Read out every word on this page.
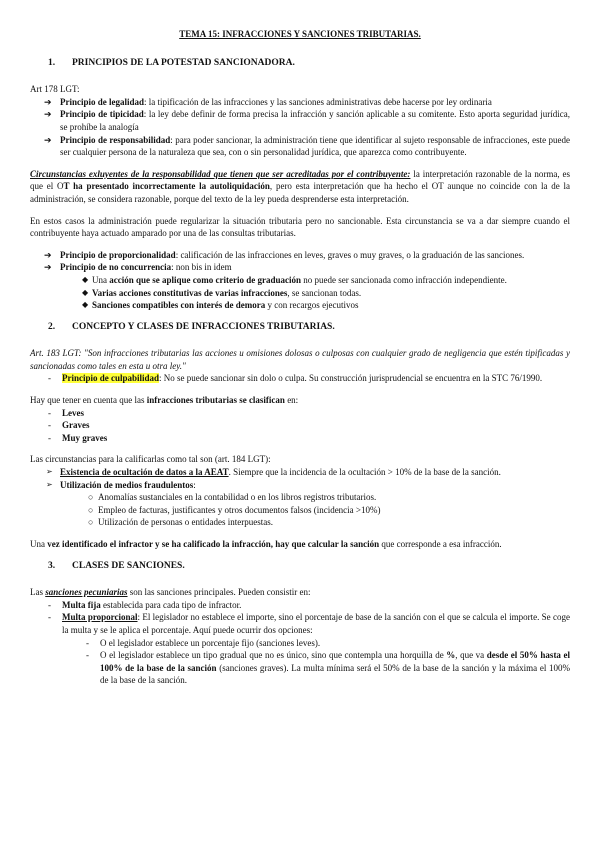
TEMA 15: INFRACCIONES Y SANCIONES TRIBUTARIAS.
1.	PRINCIPIOS DE LA POTESTAD SANCIONADORA.

Art 178 LGT:

➔ Principio de legalidad: la tipificación de las infracciones y las sanciones administrativas debe hacerse por ley ordinaria
➔ Principio de tipicidad: la ley debe definir de forma precisa la infracción y sanción aplicable a su comitente. Esto aporta seguridad jurídica, se prohíbe la analogía
➔ Principio de responsabilidad: para poder sancionar, la administración tiene que identificar al sujeto responsable de infracciones, este puede ser cualquier persona de la naturaleza que sea, con o sin personalidad jurídica, que aparezca como contribuyente.

Circunstancias exluyentes de la responsabilidad que tienen que ser acreditadas por el contribuyente: la interpretación razonable de la norma, es que el OT ha presentado incorrectamente la autoliquidación, pero esta interpretación que ha hecho el OT aunque no coincide con la de la administración, se considera razonable, porque del texto de la ley pueda desprenderse esta interpretación.

En estos casos la administración puede regularizar la situación tributaria pero no sancionable. Esta circunstancia se va a dar siempre cuando el contribuyente haya actuado amparado por una de las consultas tributarias.

➔ Principio de proporcionalidad: calificación de las infracciones en leves, graves o muy graves, o la graduación de las sanciones.
➔ Principio de no concurrencia: non bis in idem
◆ Una acción que se aplique como criterio de graduación no puede ser sancionada como infracción independiente.
◆ Varias acciones constitutivas de varias infracciones, se sancionan todas.
◆ Sanciones compatibles con interés de demora y con recargos ejecutivos
2.	CONCEPTO Y CLASES DE INFRACCIONES TRIBUTARIAS.

Art. 183 LGT: "Son infracciones tributarias las acciones u omisiones dolosas o culposas con cualquier grado de negligencia que estén tipificadas y sancionadas como tales en esta u otra ley."

-	Principio de culpabilidad: No se puede sancionar sin dolo o culpa. Su construcción jurisprudencial se encuentra en la STC 76/1990.

Hay que tener en cuenta que las infracciones tributarias se clasifican en:

-	Leves
-	Graves
-	Muy graves

Las circunstancias para la calificarlas como tal son (art. 184 LGT):

➢ Existencia de ocultación de datos a la AEAT. Siempre que la incidencia de la ocultación > 10% de la base de la sanción.
➢ Utilización de medios fraudulentos:
○ Anomalías sustanciales en la contabilidad o en los libros registros tributarios.
○ Empleo de facturas, justificantes y otros documentos falsos (incidencia >10%)
○ Utilización de personas o entidades interpuestas.

Una vez identificado el infractor y se ha calificado la infracción, hay que calcular la sanción que corresponde a esa infracción.

3.	CLASES DE SANCIONES.

Las sanciones pecuniarias son las sanciones principales. Pueden consistir en:

-	Multa fija establecida para cada tipo de infractor.
-	Multa proporcional: El legislador no establece el importe, sino el porcentaje de base de la sanción con el que se calcula el importe. Se coge la multa y se le aplica el porcentaje. Aquí puede ocurrir dos opciones:
-	O el legislador establece un porcentaje fijo (sanciones leves).
-	O el legislador establece un tipo gradual que no es único, sino que contempla una horquilla de %, que va desde el 50% hasta el 100% de la base de la sanción (sanciones graves). La multa mínima será el 50% de la base de la sanción y la máxima el 100% de la base de la sanción.
